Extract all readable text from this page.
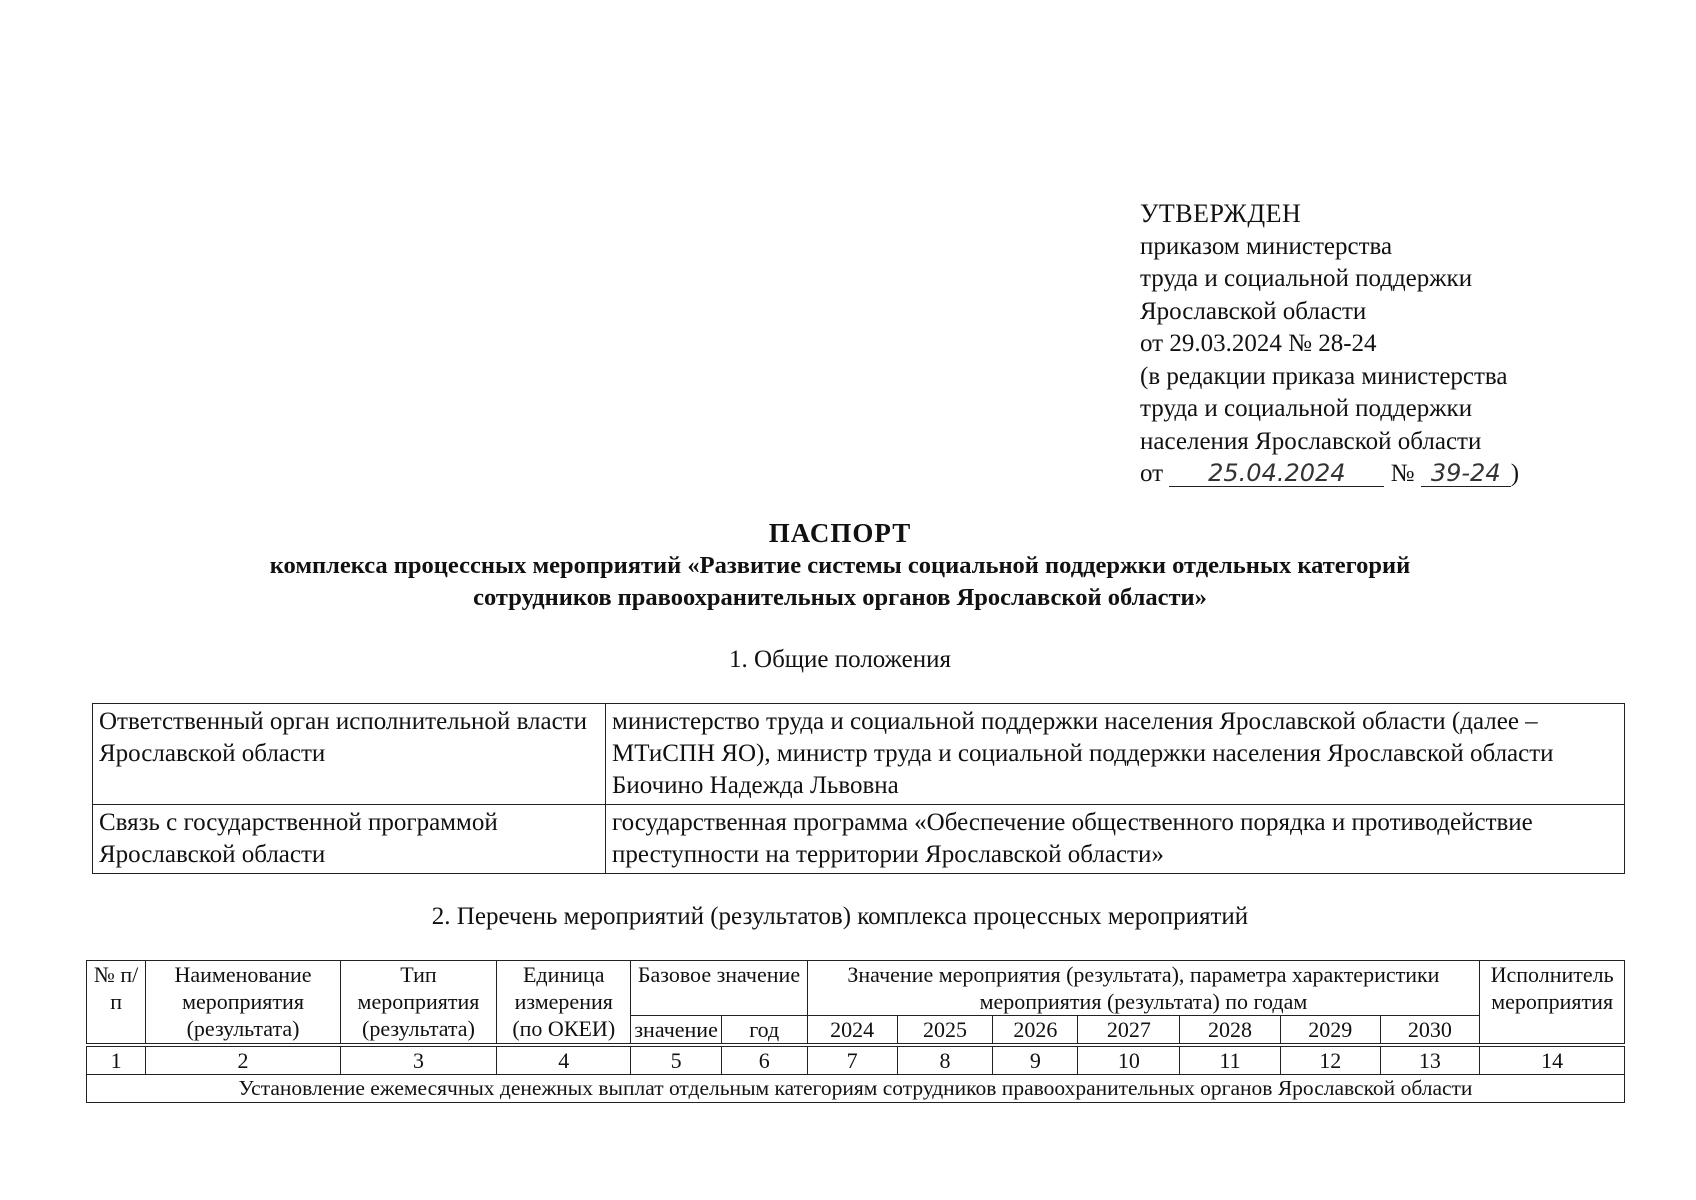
УТВЕРЖДЕН
приказом министерства
труда и социальной поддержки
Ярославской области
от 29.03.2024 № 28-24
(в редакции приказа министерства
труда и социальной поддержки
населения Ярославской области
от 25.04.2024 № 39-24 )
ПАСПОРТ
комплекса процессных мероприятий «Развитие системы социальной поддержки отдельных категорий
сотрудников правоохранительных органов Ярославской области»
1. Общие положения
Ответственный орган исполнительной власти Ярославской области	министерство труда и социальной поддержки населения Ярославской области (далее – МТиСПН ЯО), министр труда и социальной поддержки населения Ярославской области Биочино Надежда Львовна
Связь с государственной программой Ярославской области	государственная программа «Обеспечение общественного порядка и противодействие преступности на территории Ярославской области»
2. Перечень мероприятий (результатов) комплекса процессных мероприятий
№ п/п	Наименование мероприятия (результата)	Тип мероприятия (результата)	Единица измерения (по ОКЕИ)	Базовое значение		Значение мероприятия (результата), параметра характеристики мероприятия (результата) по годам							Исполнитель мероприятия
				значение	год	2024	2025	2026	2027	2028	2029	2030	
1	2	3	4	5	6	7	8	9	10	11	12	13	14
Установление ежемесячных денежных выплат отдельным категориям сотрудников правоохранительных органов Ярославской области													
